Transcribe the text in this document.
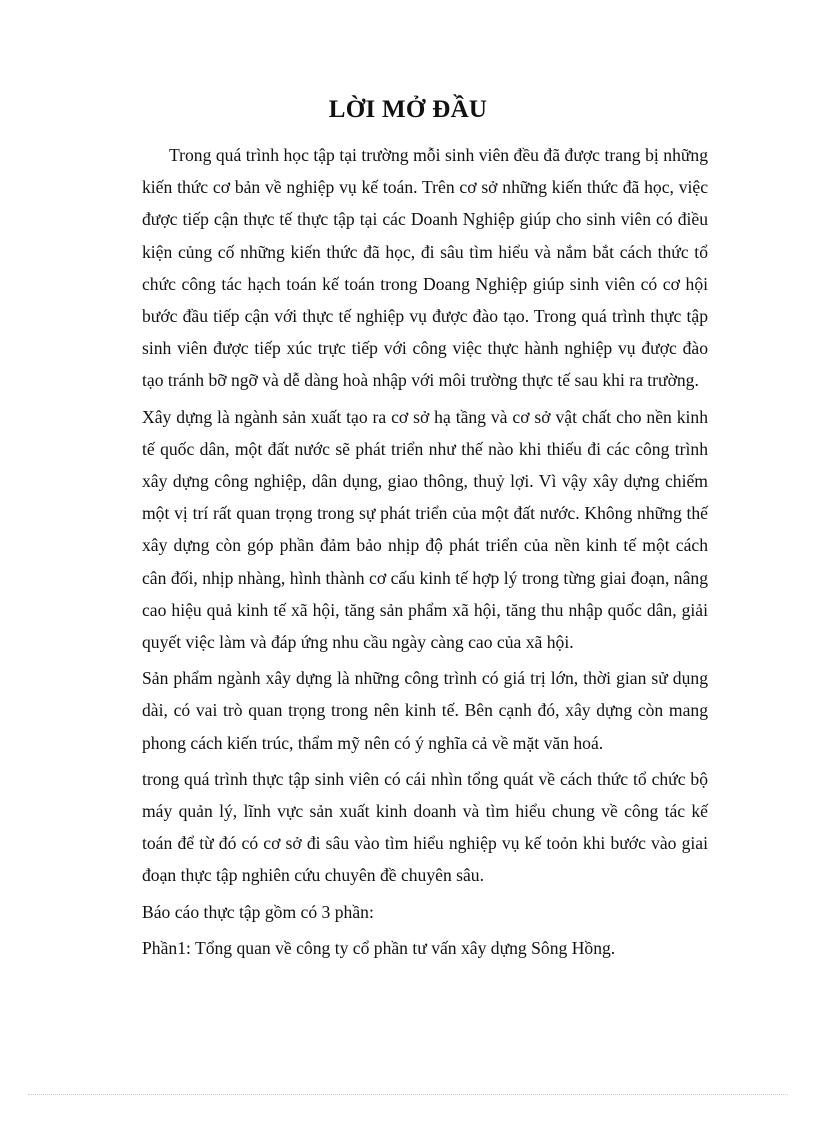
LỜI MỞ ĐẦU

Trong quá trình học tập tại trường mỗi sinh viên đều đã được trang bị những kiến thức cơ bản về nghiệp vụ kế toán. Trên cơ sở những kiến thức đã học, việc được tiếp cận thực tế thực tập tại các Doanh Nghiệp giúp cho sinh viên có điều kiện củng cố những kiến thức đã học, đi sâu tìm hiểu và nắm bắt cách thức tổ chức công tác hạch toán kế toán trong Doang Nghiệp giúp sinh viên có cơ hội bước đầu tiếp cận với thực tế nghiệp vụ được đào tạo. Trong quá trình thực tập sinh viên được tiếp xúc trực tiếp với công việc thực hành nghiệp vụ được đào tạo tránh bỡ ngỡ và dễ dàng hoà nhập với môi trường thực tế sau khi ra trường.

Xây dựng là ngành sản xuất tạo ra cơ sở hạ tầng và cơ sở vật chất cho nền kinh tế quốc dân, một đất nước sẽ phát triển như thế nào khi thiếu đi các công trình xây dựng công nghiệp, dân dụng, giao thông, thuỷ lợi. Vì vậy xây dựng chiếm một vị trí rất quan trọng trong sự phát triển của một đất nước. Không những thế xây dựng còn góp phần đảm bảo nhịp độ phát triển của nền kinh tế một cách cân đối, nhịp nhàng, hình thành cơ cấu kinh tế hợp lý trong từng giai đoạn, nâng cao hiệu quả kinh tế xã hội, tăng sản phẩm xã hội, tăng thu nhập quốc dân, giải quyết việc làm và đáp ứng nhu cầu ngày càng cao của xã hội.

Sản phẩm ngành xây dựng là những công trình có giá trị lớn, thời gian sử dụng dài, có vai trò quan trọng trong nên kinh tế. Bên cạnh đó, xây dựng còn mang phong cách kiến trúc, thẩm mỹ nên có ý nghĩa cả về mặt văn hoá.

trong quá trình thực tập sinh viên có cái nhìn tổng quát về cách thức tổ chức bộ máy quản lý, lĩnh vực sản xuất kinh doanh và tìm hiểu chung về công tác kế toán để từ đó có cơ sở đi sâu vào tìm hiểu nghiệp vụ kế toỏn khi bước vào giai đoạn thực tập nghiên cứu chuyên đề chuyên sâu.

Báo cáo thực tập gồm có 3 phần:

Phần1: Tổng quan về công ty cổ phần tư vấn xây dựng Sông Hồng.
